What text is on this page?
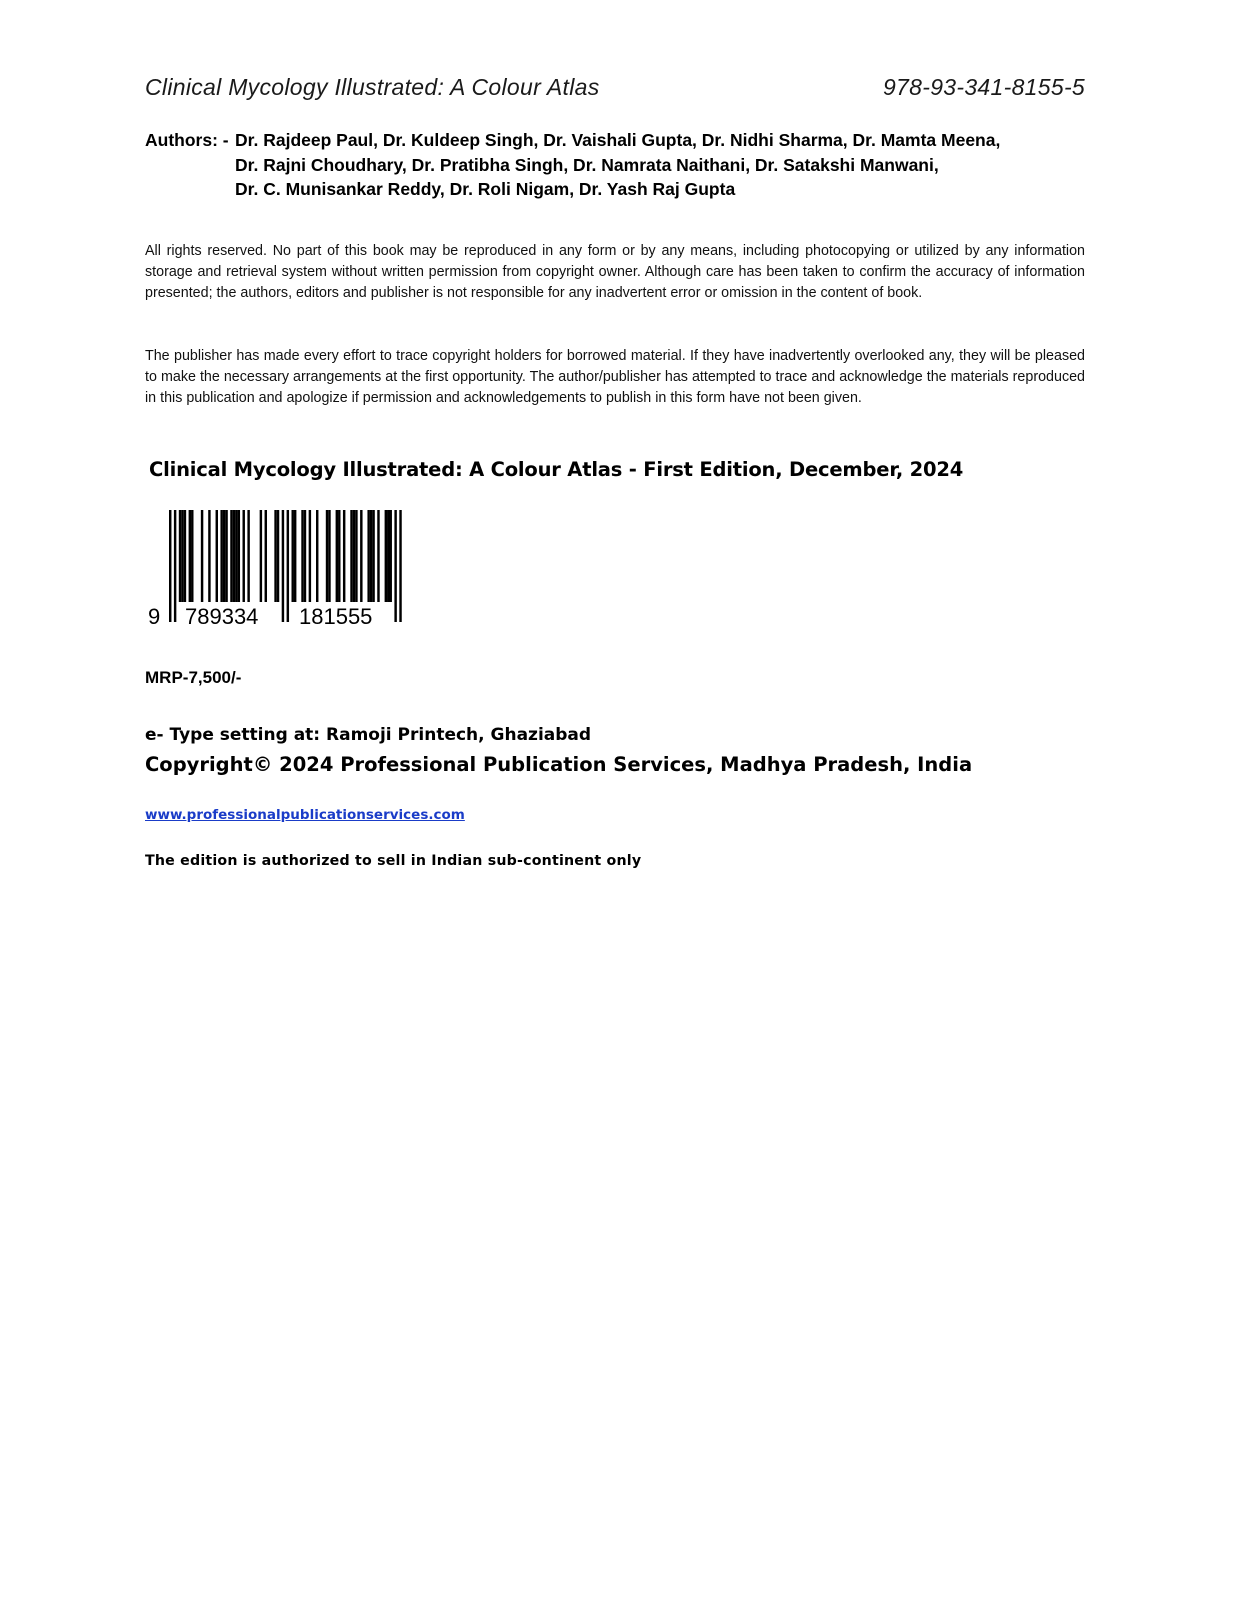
Clinical Mycology Illustrated: A Colour Atlas	978-93-341-8155-5
Authors: - Dr. Rajdeep Paul, Dr. Kuldeep Singh, Dr. Vaishali Gupta, Dr. Nidhi Sharma, Dr. Mamta Meena,
Dr. Rajni Choudhary, Dr. Pratibha Singh, Dr. Namrata Naithani, Dr. Satakshi Manwani,
Dr. C. Munisankar Reddy, Dr. Roli Nigam, Dr. Yash Raj Gupta

All rights reserved. No part of this book may be reproduced in any form or by any means, including photocopying or utilized by any information storage and retrieval system without written permission from copyright owner. Although care has been taken to confirm the accuracy of information presented; the authors, editors and publisher is not responsible for any inadvertent error or omission in the content of book.

The publisher has made every effort to trace copyright holders for borrowed material. If they have inadvertently overlooked any, they will be pleased to make the necessary arrangements at the first opportunity. The author/publisher has attempted to trace and acknowledge the materials reproduced in this publication and apologize if permission and acknowledgements to publish in this form have not been given.

Clinical Mycology Illustrated: A Colour Atlas - First Edition, December, 2024
9 789334 181555
MRP-7,500/-
e- Type setting at: Ramoji Printech, Ghaziabad
Copyright© 2024 Professional Publication Services, Madhya Pradesh, India
www.professionalpublicationservices.com
The edition is authorized to sell in Indian sub-continent only
